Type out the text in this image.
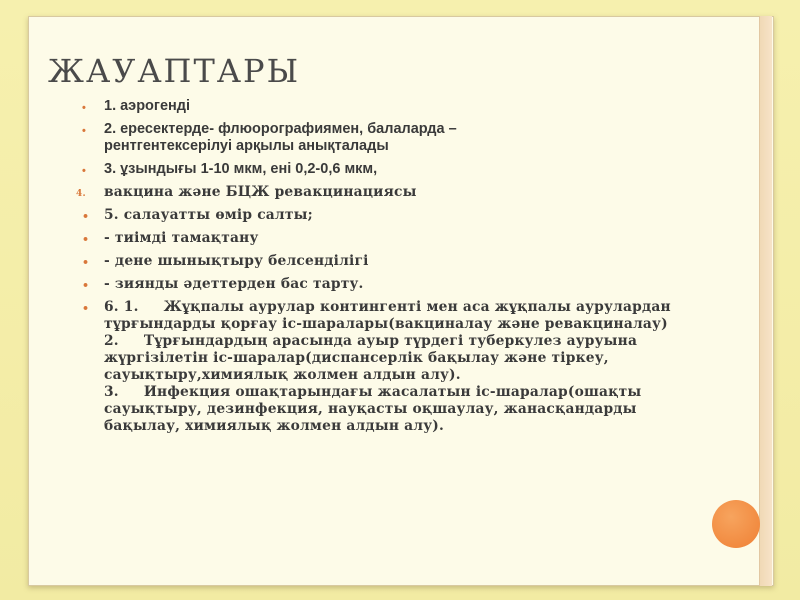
ЖАУАПТАРЫ
• 1. аэрогенді
• 2. ересектерде- флюорографиямен, балаларда –
рентгентексерілуі арқылы анықталады
• 3. ұзындығы 1-10 мкм, ені 0,2-0,6 мкм,
4. вакцина және БЦЖ ревакцинациясы
• 5. салауатты өмір салты;
• - тиімді тамақтану
• - дене шынықтыру белсенділігі
• - зиянды әдеттерден бас тарту.
• 6. 1.     Жұқпалы аурулар контингенті мен аса жұқпалы аурулардан
тұрғындарды қорғау іс-шаралары(вакциналау және ревакциналау)
2.     Тұрғындардың арасында ауыр түрдегі туберкулез ауруына
жүргізілетін іс-шаралар(диспансерлік бақылау және тіркеу,
сауықтыру,химиялық жолмен алдын алу).
3.     Инфекция ошақтарындағы жасалатын іс-шаралар(ошақты
сауықтыру, дезинфекция, науқасты оқшаулау, жанасқандарды
бақылау, химиялық жолмен алдын алу).
